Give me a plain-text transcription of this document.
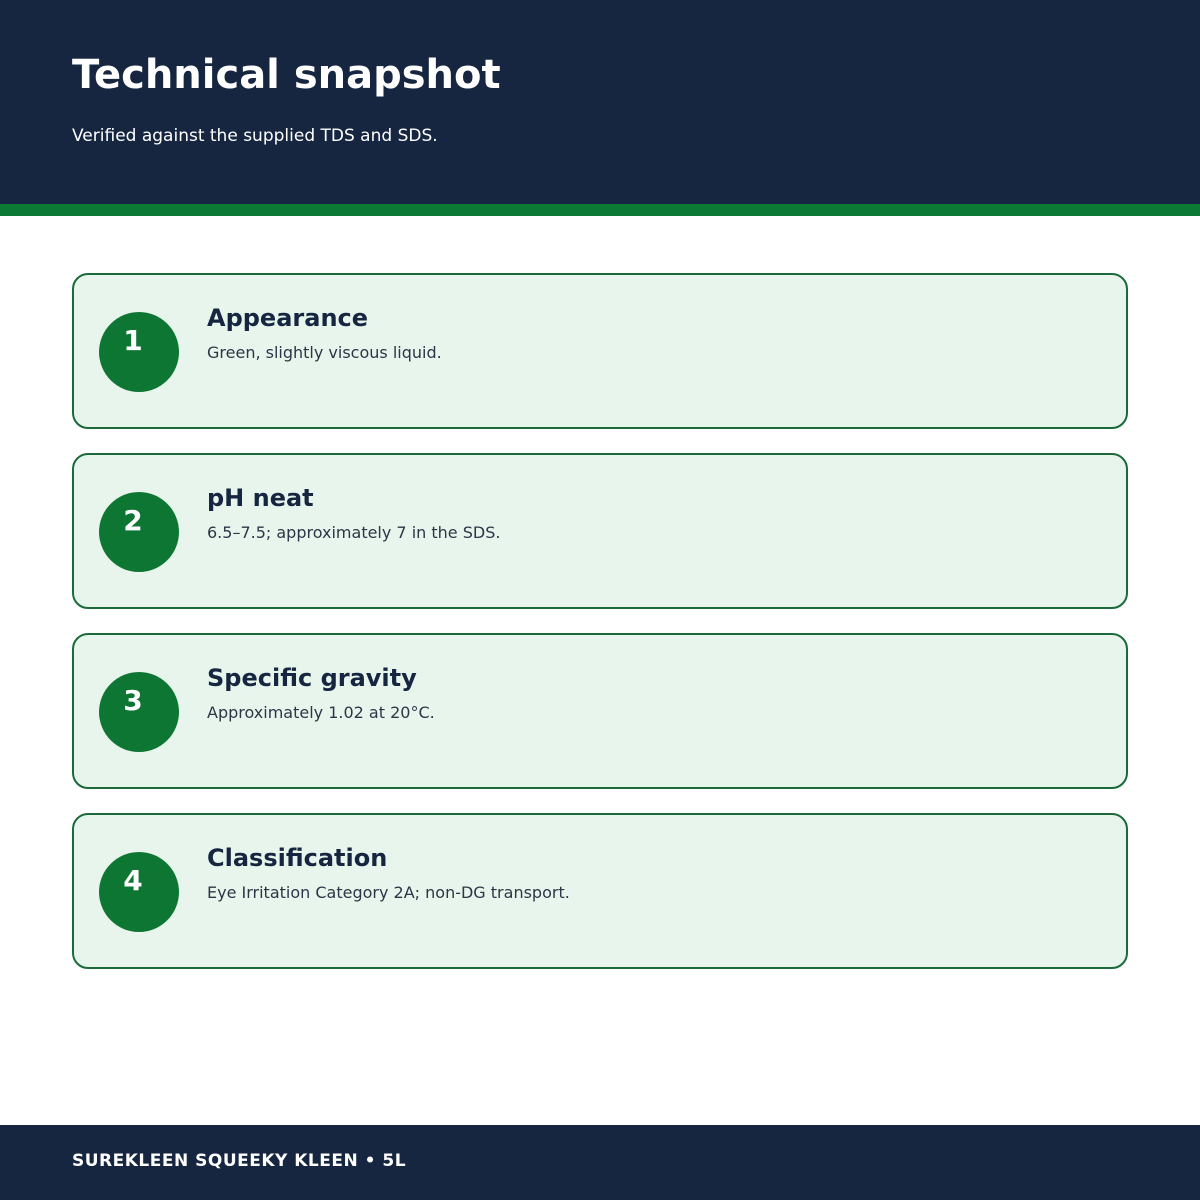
Technical snapshot
Verified against the supplied TDS and SDS.
1
Appearance
Green, slightly viscous liquid.
2
pH neat
6.5–7.5; approximately 7 in the SDS.
3
Specific gravity
Approximately 1.02 at 20°C.
4
Classification
Eye Irritation Category 2A; non-DG transport.
SUREKLEEN SQUEEKY KLEEN • 5L
